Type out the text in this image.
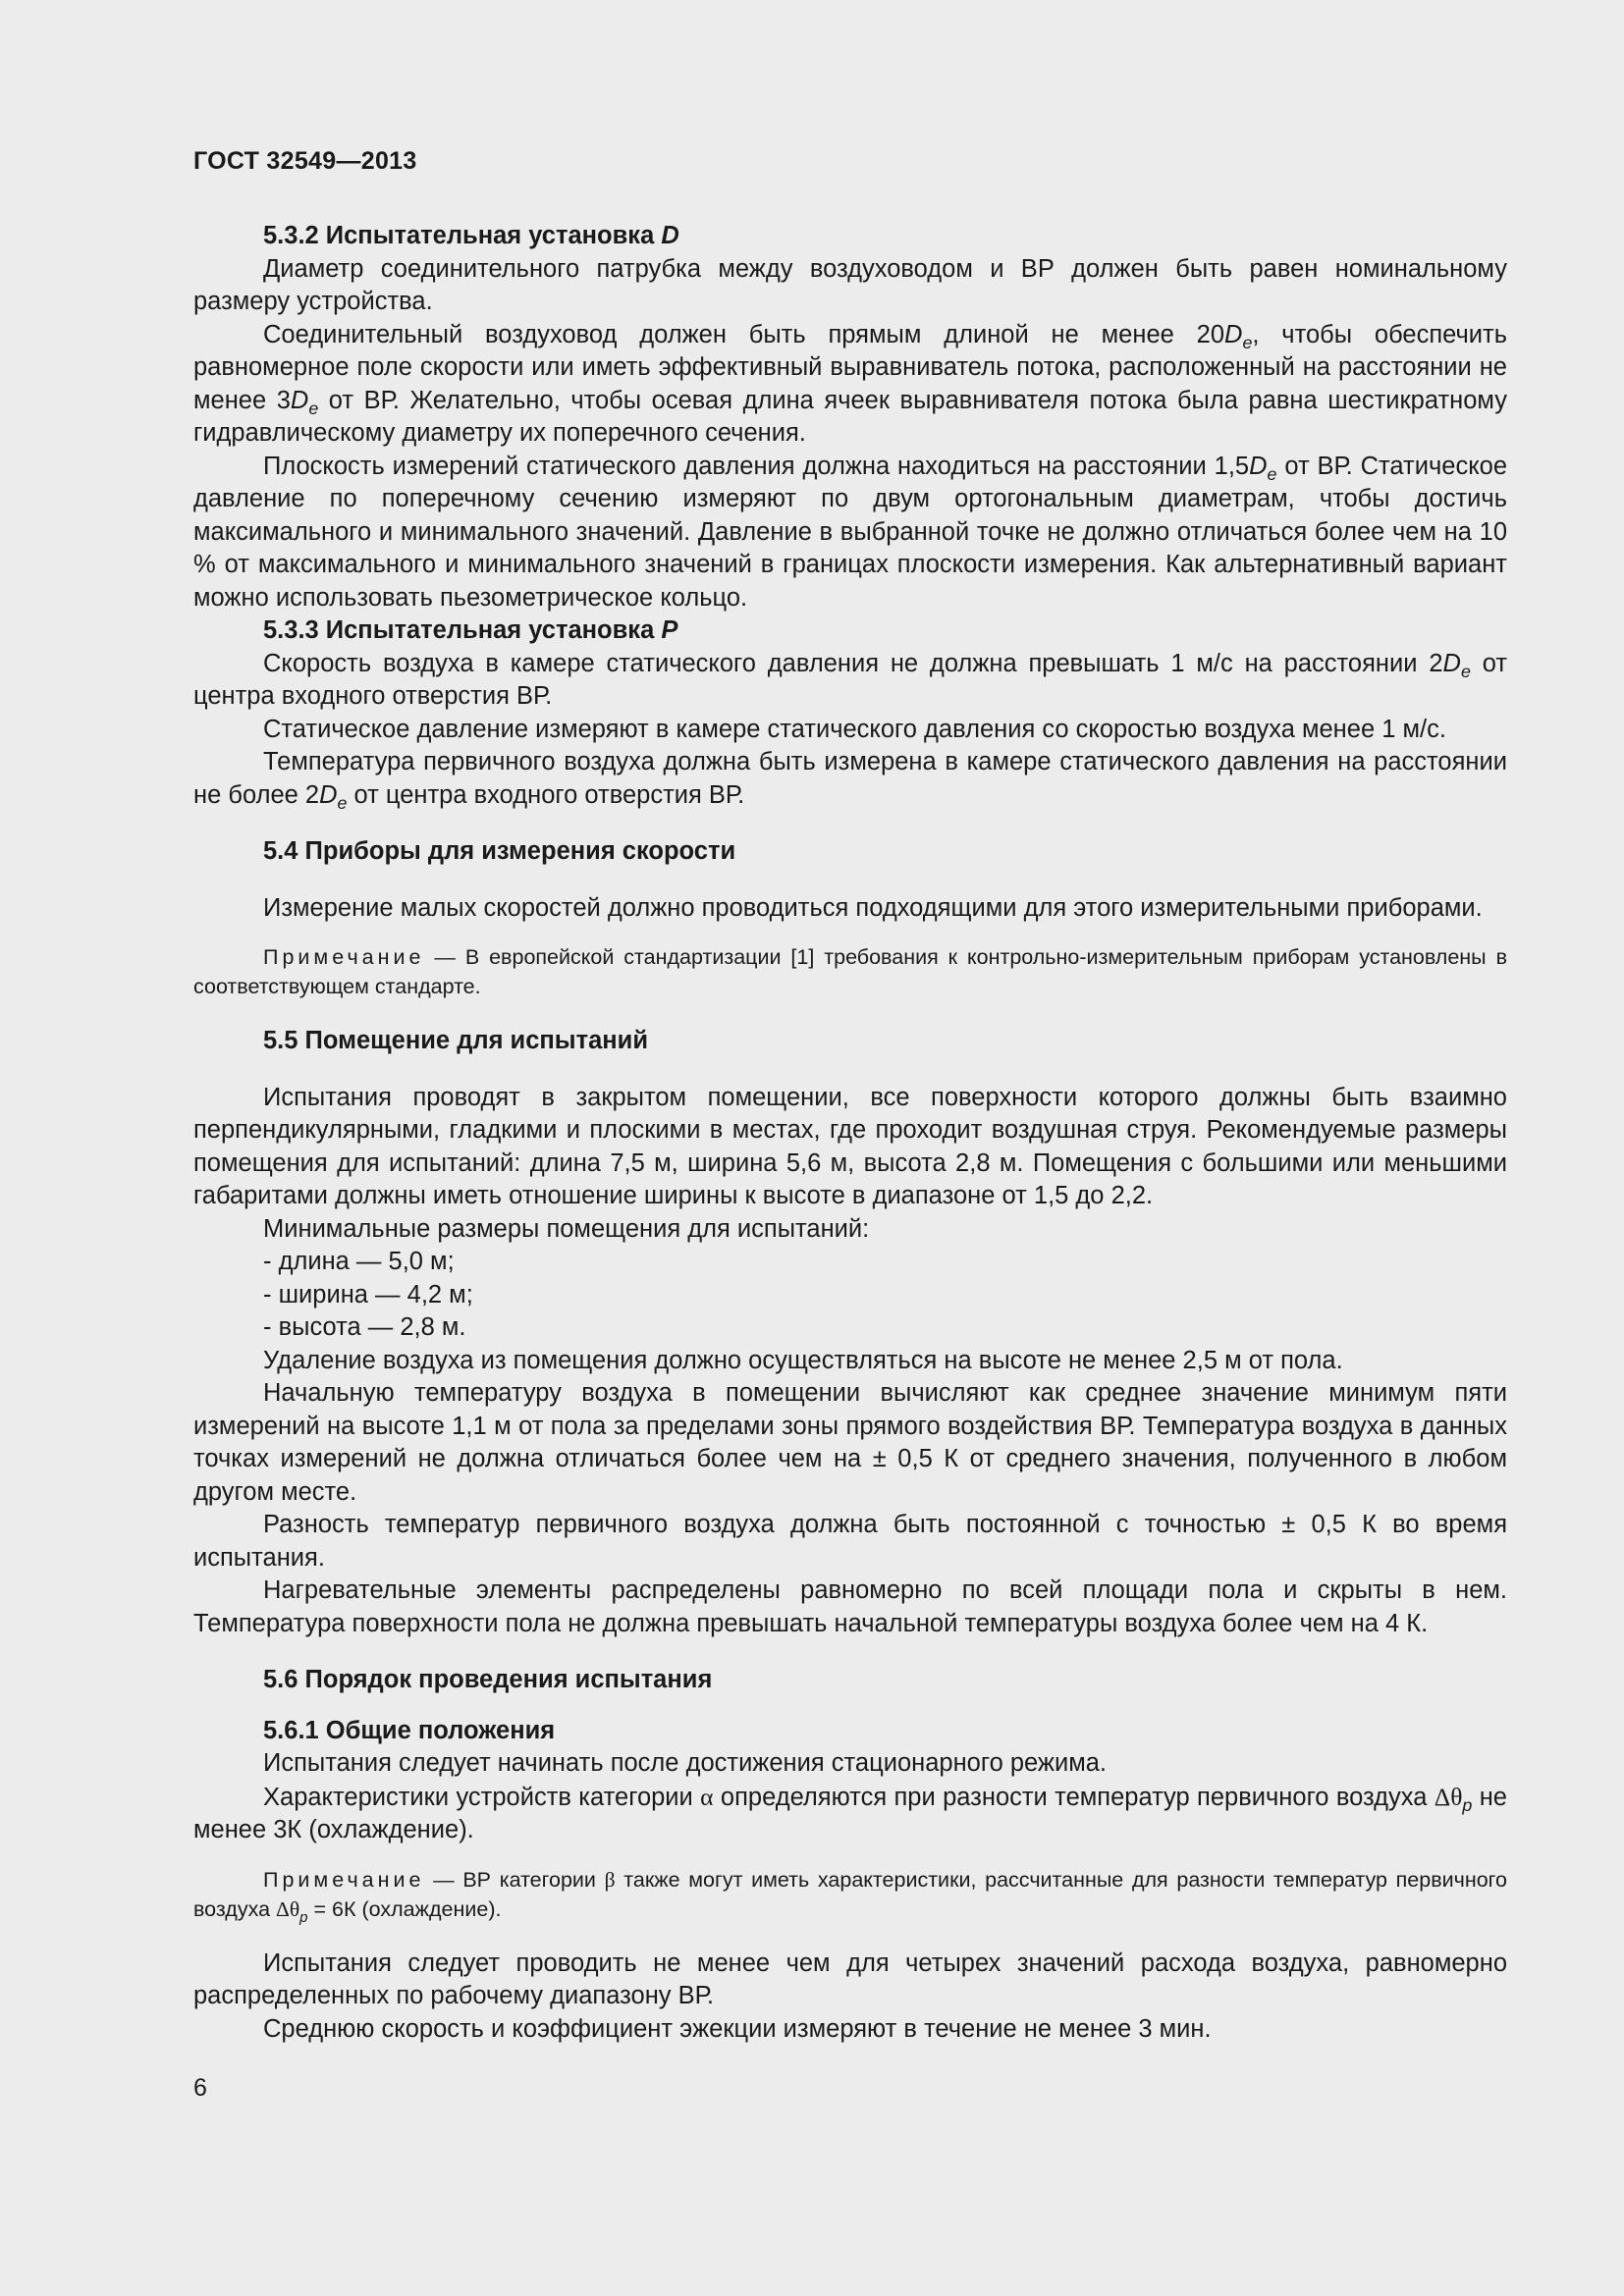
ГОСТ 32549—2013

5.3.2 Испытательная установка D

Диаметр соединительного патрубка между воздуховодом и ВР должен быть равен номинальному размеру устройства.

Соединительный воздуховод должен быть прямым длиной не менее $20D_e$, чтобы обеспечить равномерное поле скорости или иметь эффективный выравниватель потока, расположенный на расстоянии не менее $3D_e$ от ВР. Желательно, чтобы осевая длина ячеек выравнивателя потока была равна шестикратному гидравлическому диаметру их поперечного сечения.

Плоскость измерений статического давления должна находиться на расстоянии $1,5D_e$ от ВР. Статическое давление по поперечному сечению измеряют по двум ортогональным диаметрам, чтобы достичь максимального и минимального значений. Давление в выбранной точке не должно отличаться более чем на 10 % от максимального и минимального значений в границах плоскости измерения. Как альтернативный вариант можно использовать пьезометрическое кольцо.

5.3.3 Испытательная установка P

Скорость воздуха в камере статического давления не должна превышать 1 м/с на расстоянии $2D_e$ от центра входного отверстия ВР.

Статическое давление измеряют в камере статического давления со скоростью воздуха менее 1 м/с.

Температура первичного воздуха должна быть измерена в камере статического давления на расстоянии не более $2D_e$ от центра входного отверстия ВР.

5.4 Приборы для измерения скорости

Измерение малых скоростей должно проводиться подходящими для этого измерительными приборами.

Примечание — В европейской стандартизации [1] требования к контрольно-измерительным приборам установлены в соответствующем стандарте.

5.5 Помещение для испытаний

Испытания проводят в закрытом помещении, все поверхности которого должны быть взаимно перпендикулярными, гладкими и плоскими в местах, где проходит воздушная струя. Рекомендуемые размеры помещения для испытаний: длина 7,5 м, ширина 5,6 м, высота 2,8 м. Помещения с большими или меньшими габаритами должны иметь отношение ширины к высоте в диапазоне от 1,5 до 2,2.

Минимальные размеры помещения для испытаний:

- длина — 5,0 м;

- ширина — 4,2 м;

- высота — 2,8 м.

Удаление воздуха из помещения должно осуществляться на высоте не менее 2,5 м от пола.

Начальную температуру воздуха в помещении вычисляют как среднее значение минимум пяти измерений на высоте 1,1 м от пола за пределами зоны прямого воздействия ВР. Температура воздуха в данных точках измерений не должна отличаться более чем на ± 0,5 К от среднего значения, полученного в любом другом месте.

Разность температур первичного воздуха должна быть постоянной с точностью ± 0,5 К во время испытания.

Нагревательные элементы распределены равномерно по всей площади пола и скрыты в нем. Температура поверхности пола не должна превышать начальной температуры воздуха более чем на 4 К.

5.6 Порядок проведения испытания

5.6.1 Общие положения

Испытания следует начинать после достижения стационарного режима.

Характеристики устройств категории α определяются при разности температур первичного воздуха $\Delta\theta_p$ не менее 3К (охлаждение).

Примечание — ВР категории β также могут иметь характеристики, рассчитанные для разности температур первичного воздуха $\Delta\theta_p = 6К$ (охлаждение).

Испытания следует проводить не менее чем для четырех значений расхода воздуха, равномерно распределенных по рабочему диапазону ВР.

Среднюю скорость и коэффициент эжекции измеряют в течение не менее 3 мин.

6
